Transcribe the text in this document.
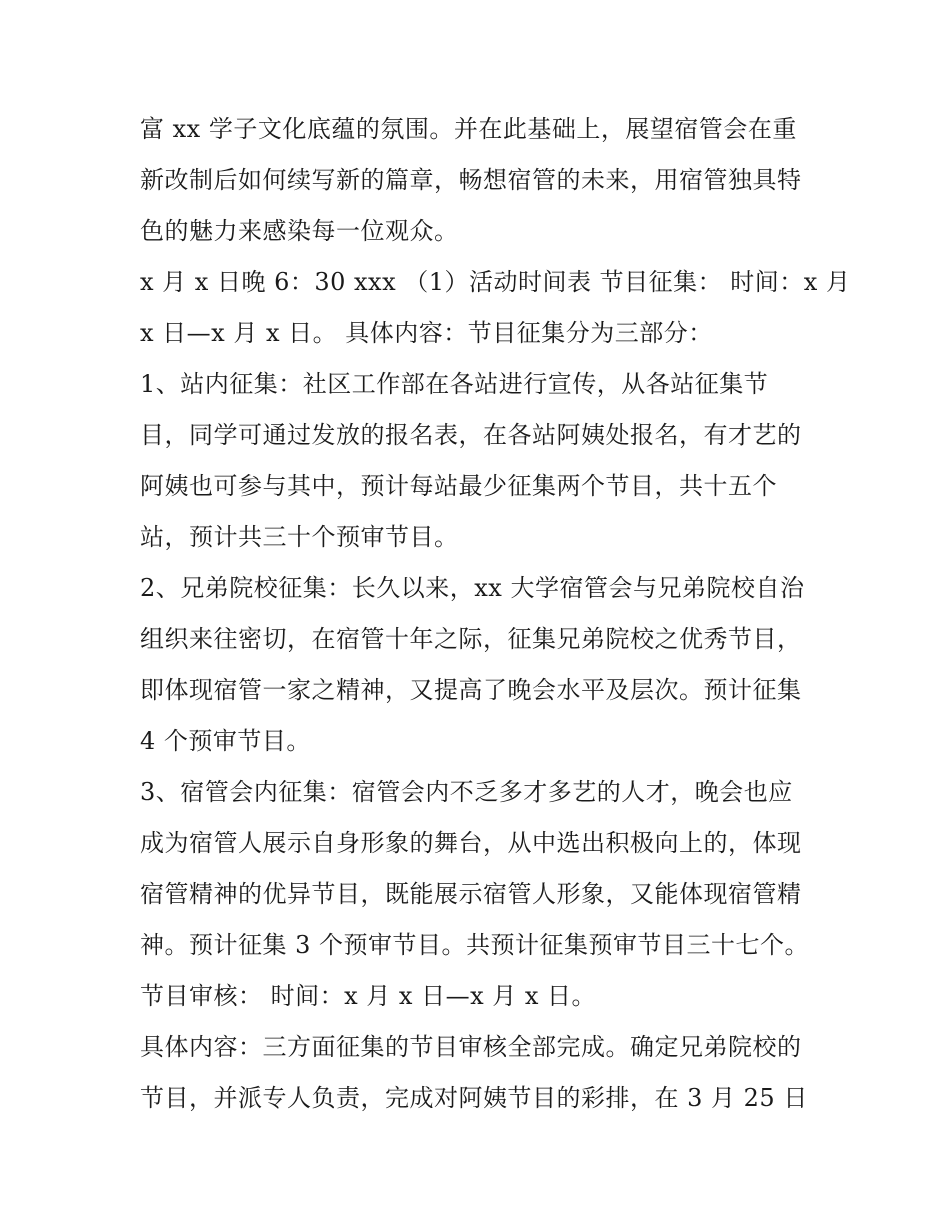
富 xx 学子文化底蕴的氛围。并在此基础上，展望宿管会在重
新改制后如何续写新的篇章，畅想宿管的未来，用宿管独具特
色的魅力来感染每一位观众。
x 月 x 日晚 6：30 xxx （1）活动时间表 节目征集： 时间：x 月
x 日—x 月 x 日。 具体内容：节目征集分为三部分：
1、站内征集：社区工作部在各站进行宣传，从各站征集节
目，同学可通过发放的报名表，在各站阿姨处报名，有才艺的
阿姨也可参与其中，预计每站最少征集两个节目，共十五个
站，预计共三十个预审节目。
2、兄弟院校征集：长久以来，xx 大学宿管会与兄弟院校自治
组织来往密切，在宿管十年之际，征集兄弟院校之优秀节目，
即体现宿管一家之精神，又提高了晚会水平及层次。预计征集
4 个预审节目。
3、宿管会内征集：宿管会内不乏多才多艺的人才，晚会也应
成为宿管人展示自身形象的舞台，从中选出积极向上的，体现
宿管精神的优异节目，既能展示宿管人形象，又能体现宿管精
神。预计征集 3 个预审节目。共预计征集预审节目三十七个。
节目审核： 时间：x 月 x 日—x 月 x 日。
具体内容：三方面征集的节目审核全部完成。确定兄弟院校的
节目，并派专人负责，完成对阿姨节目的彩排，在 3 月 25 日
